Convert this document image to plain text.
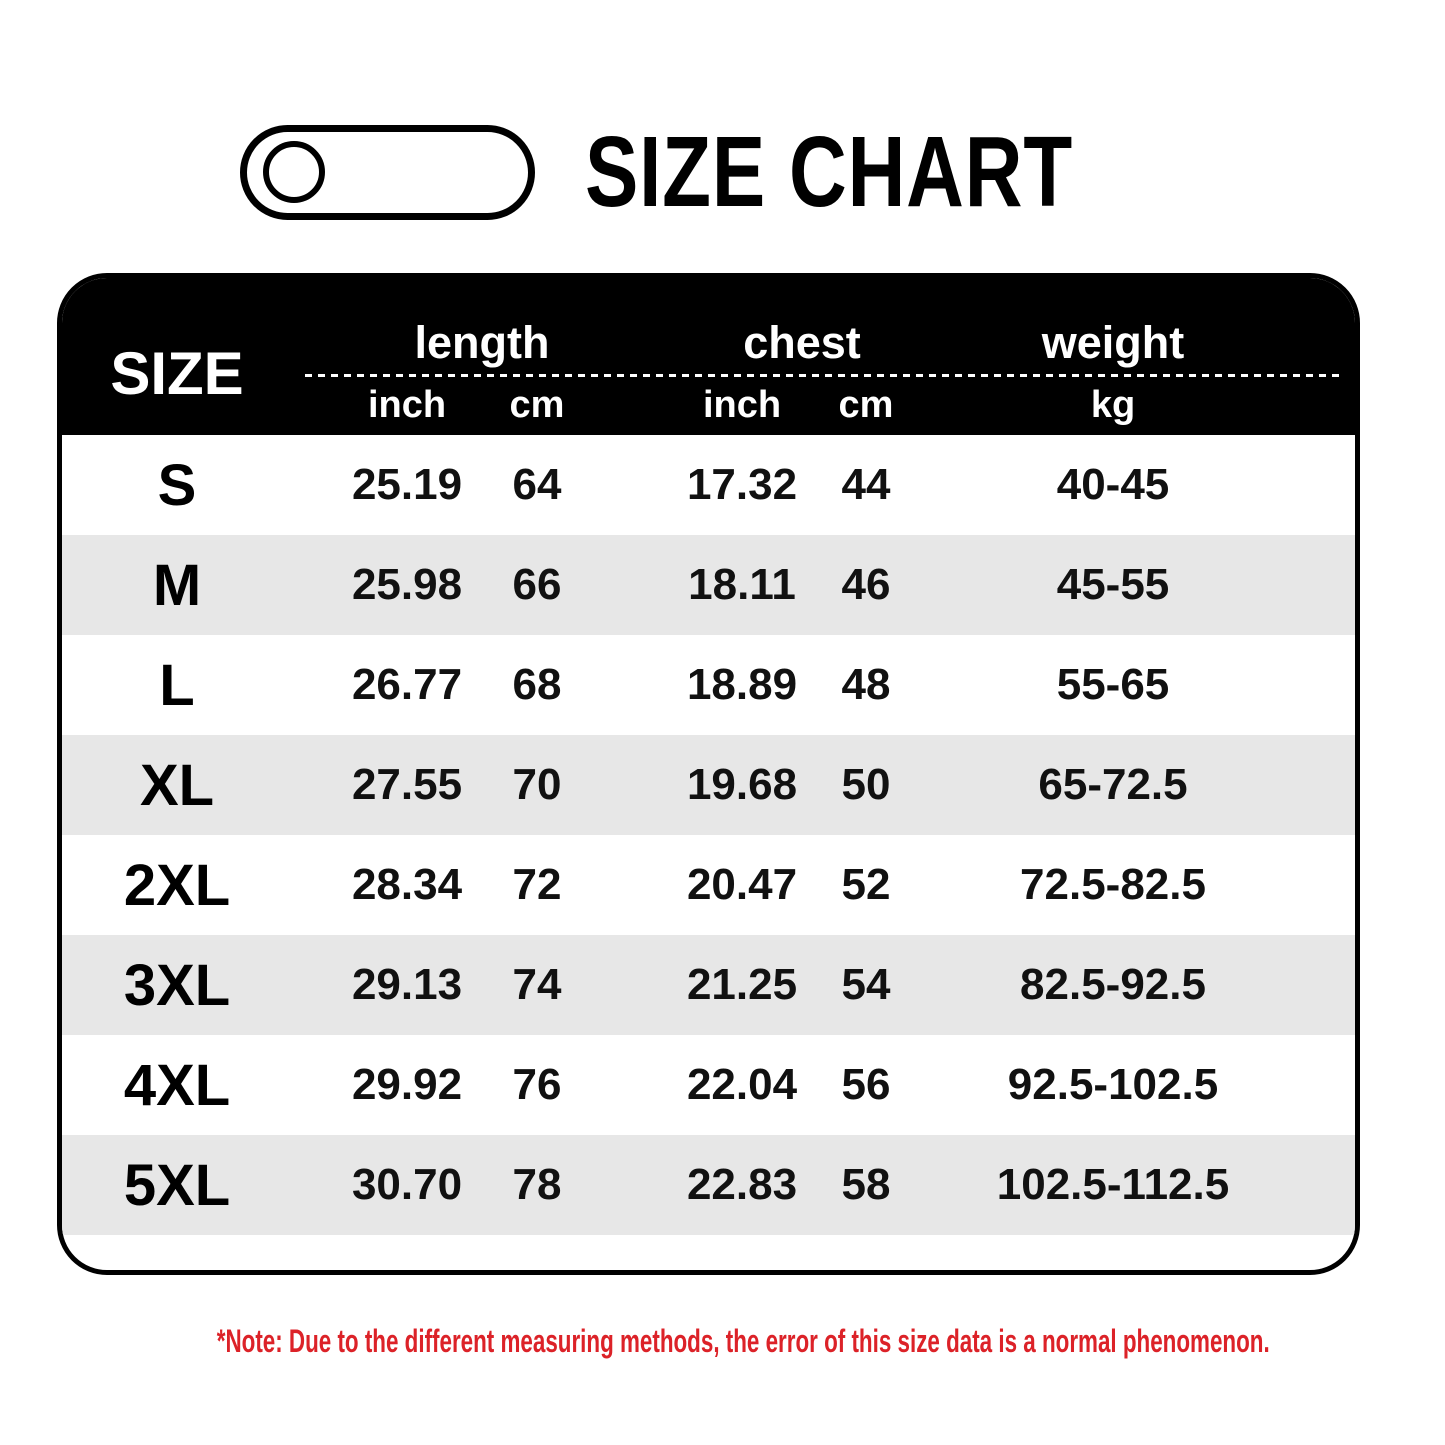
SIZE CHART
SIZE	length	chest	weight
inch	cm	inch	cm	kg
S	25.19	64	17.32	44	40-45
M	25.98	66	18.11	46	45-55
L	26.77	68	18.89	48	55-65
XL	27.55	70	19.68	50	65-72.5
2XL	28.34	72	20.47	52	72.5-82.5
3XL	29.13	74	21.25	54	82.5-92.5
4XL	29.92	76	22.04	56	92.5-102.5
5XL	30.70	78	22.83	58	102.5-112.5
*Note: Due to the different measuring methods, the error of this size data is a normal phenomenon.
